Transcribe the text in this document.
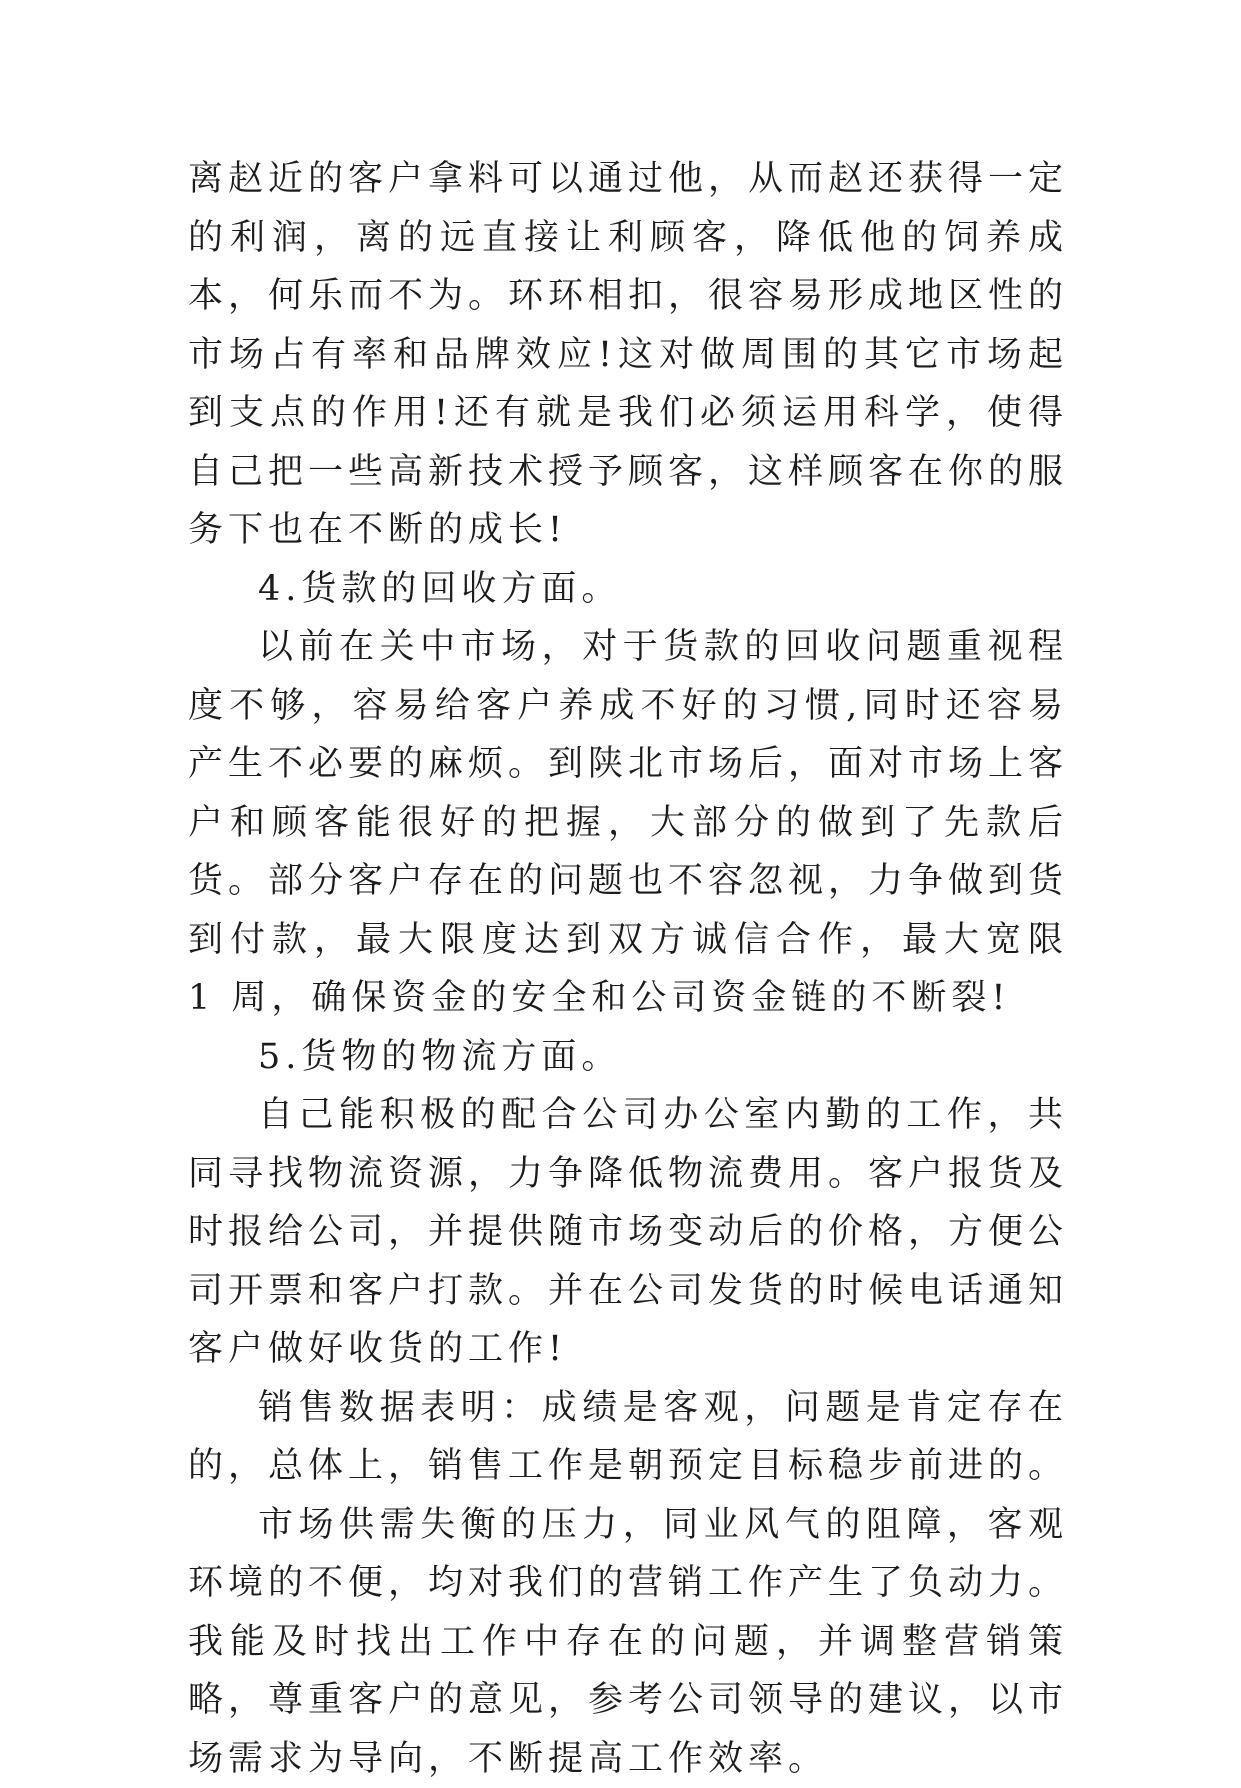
离赵近的客户拿料可以通过他，从而赵还获得一定的利润，离的远直接让利顾客，降低他的饲养成本，何乐而不为。环环相扣，很容易形成地区性的市场占有率和品牌效应!这对做周围的其它市场起到支点的作用!还有就是我们必须运用科学，使得自己把一些高新技术授予顾客，这样顾客在你的服务下也在不断的成长!

4.货款的回收方面。

以前在关中市场，对于货款的回收问题重视程度不够，容易给客户养成不好的习惯,同时还容易产生不必要的麻烦。到陕北市场后，面对市场上客户和顾客能很好的把握，大部分的做到了先款后货。部分客户存在的问题也不容忽视，力争做到货到付款，最大限度达到双方诚信合作，最大宽限 1 周，确保资金的安全和公司资金链的不断裂!

5.货物的物流方面。

自己能积极的配合公司办公室内勤的工作，共同寻找物流资源，力争降低物流费用。客户报货及时报给公司，并提供随市场变动后的价格，方便公司开票和客户打款。并在公司发货的时候电话通知客户做好收货的工作!

销售数据表明：成绩是客观，问题是肯定存在的，总体上，销售工作是朝预定目标稳步前进的。

市场供需失衡的压力，同业风气的阻障，客观环境的不便，均对我们的营销工作产生了负动力。我能及时找出工作中存在的问题，并调整营销策略，尊重客户的意见，参考公司领导的建议，以市场需求为导向，不断提高工作效率。
